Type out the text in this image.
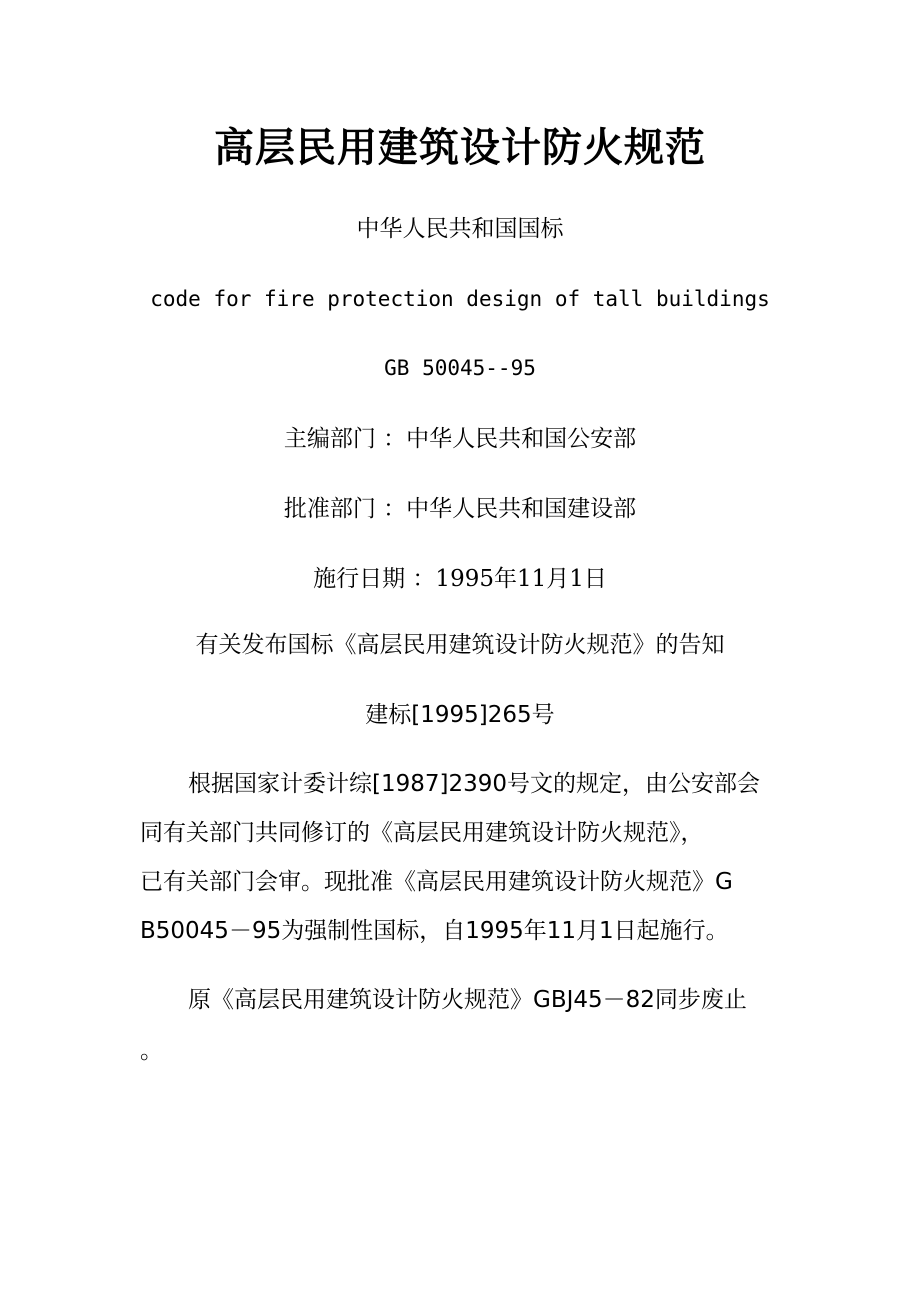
高层民用建筑设计防火规范
中华人民共和国国标
code for fire protection design of tall buildings
GB 50045--95
主编部门 ：中华人民共和国公安部
批准部门 ：中华人民共和国建设部
施行日期 ：1995年11月1日
有关发布国标《高层民用建筑设计防火规范》的告知
建标[1995]265号
根据国家计委计综[1987]2390号文的规定，由公安部会
同有关部门共同修订的《高层民用建筑设计防火规范》，
已有关部门会审。现批准《高层民用建筑设计防火规范》G
B50045－95为强制性国标，自1995年11月1日起施行。
原《高层民用建筑设计防火规范》GBJ45－82同步废止
。
